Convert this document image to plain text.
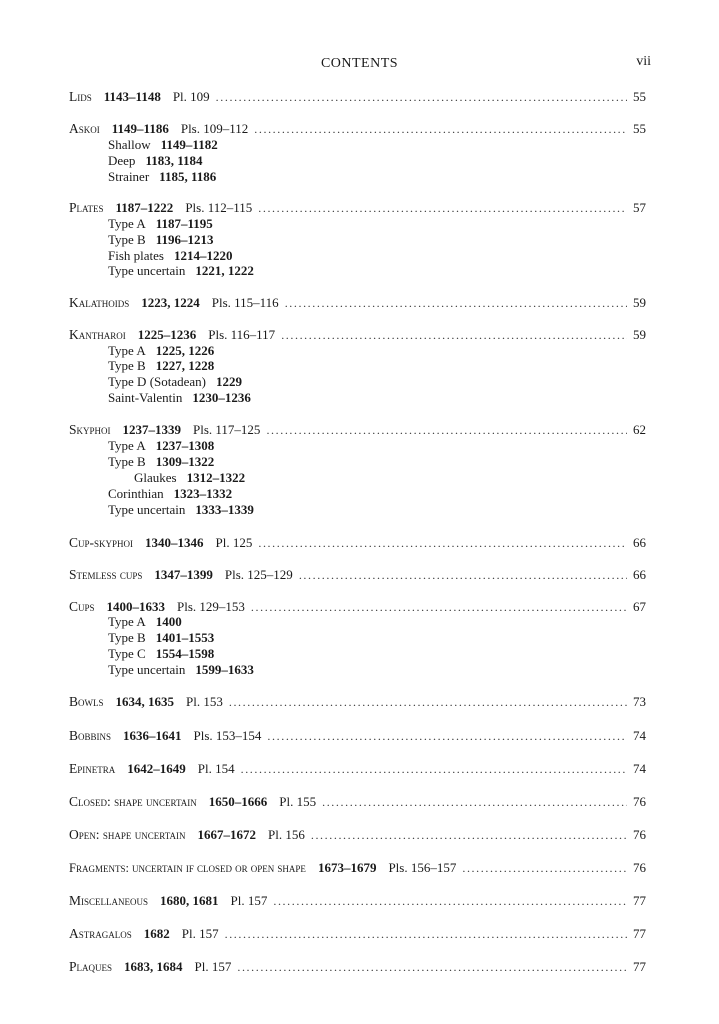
CONTENTS	vii
Lids 1143–1148 Pl. 109 .....	55
Askoi 1149–1186 Pls. 109–112 .....	55
Shallow 1149–1182
Deep 1183, 1184
Strainer 1185, 1186
Plates 1187–1222 Pls. 112–115 .....	57
Type A 1187–1195
Type B 1196–1213
Fish plates 1214–1220
Type uncertain 1221, 1222
Kalathoids 1223, 1224 Pls. 115–116 .....	59
Kantharoi 1225–1236 Pls. 116–117 .....	59
Type A 1225, 1226
Type B 1227, 1228
Type D (Sotadean) 1229
Saint-Valentin 1230–1236
Skyphoi 1237–1339 Pls. 117–125 .....	62
Type A 1237–1308
Type B 1309–1322
Glaukes 1312–1322
Corinthian 1323–1332
Type uncertain 1333–1339
Cup-skyphoi 1340–1346 Pl. 125 .....	66
Stemless cups 1347–1399 Pls. 125–129 .....	66
Cups 1400–1633 Pls. 129–153 .....	67
Type A 1400
Type B 1401–1553
Type C 1554–1598
Type uncertain 1599–1633
Bowls 1634, 1635 Pl. 153 .....	73
Bobbins 1636–1641 Pls. 153–154 .....	74
Epinetra 1642–1649 Pl. 154 .....	74
Closed: shape uncertain 1650–1666 Pl. 155 .....	76
Open: shape uncertain 1667–1672 Pl. 156 .....	76
Fragments: uncertain if closed or open shape 1673–1679 Pls. 156–157 .....	76
Miscellaneous 1680, 1681 Pl. 157 .....	77
Astragalos 1682 Pl. 157 .....	77
Plaques 1683, 1684 Pl. 157 .....	77
